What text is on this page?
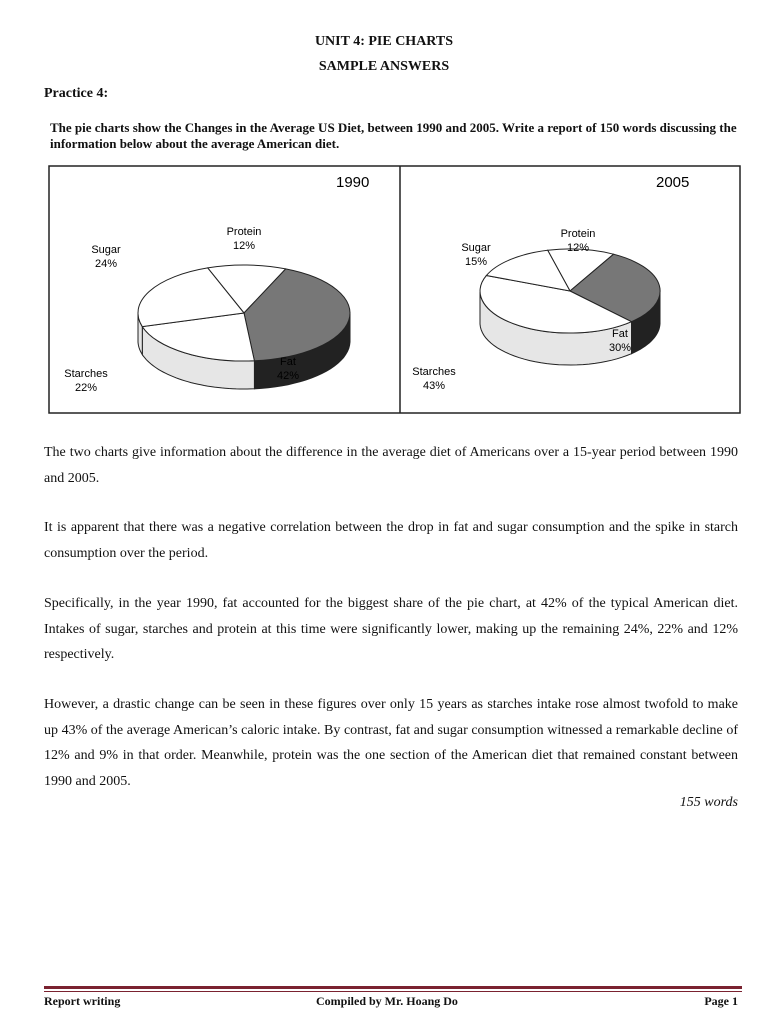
UNIT 4: PIE CHARTS
SAMPLE ANSWERS
Practice 4:
The pie charts show the Changes in the Average US Diet, between 1990 and 2005. Write a report of 150 words discussing the information below about the average American diet.
1990
Protein
12%
Fat
42%
Starches
22%
Sugar
24%
2005
Protein
12%
Fat
30%
Starches
43%
Sugar
15%
The two charts give information about the difference in the average diet of Americans over a 15-year period between 1990 and 2005.
It is apparent that there was a negative correlation between the drop in fat and sugar consumption and the spike in starch consumption over the period.
Specifically, in the year 1990, fat accounted for the biggest share of the pie chart, at 42% of the typical American diet. Intakes of sugar, starches and protein at this time were significantly lower, making up the remaining 24%, 22% and 12% respectively.
However, a drastic change can be seen in these figures over only 15 years as starches intake rose almost twofold to make up 43% of the average American’s caloric intake. By contrast, fat and sugar consumption witnessed a remarkable decline of 12% and 9% in that order. Meanwhile, protein was the one section of the American diet that remained constant between 1990 and 2005.
155 words
Report writing	Compiled by Mr. Hoang Do	Page 1
